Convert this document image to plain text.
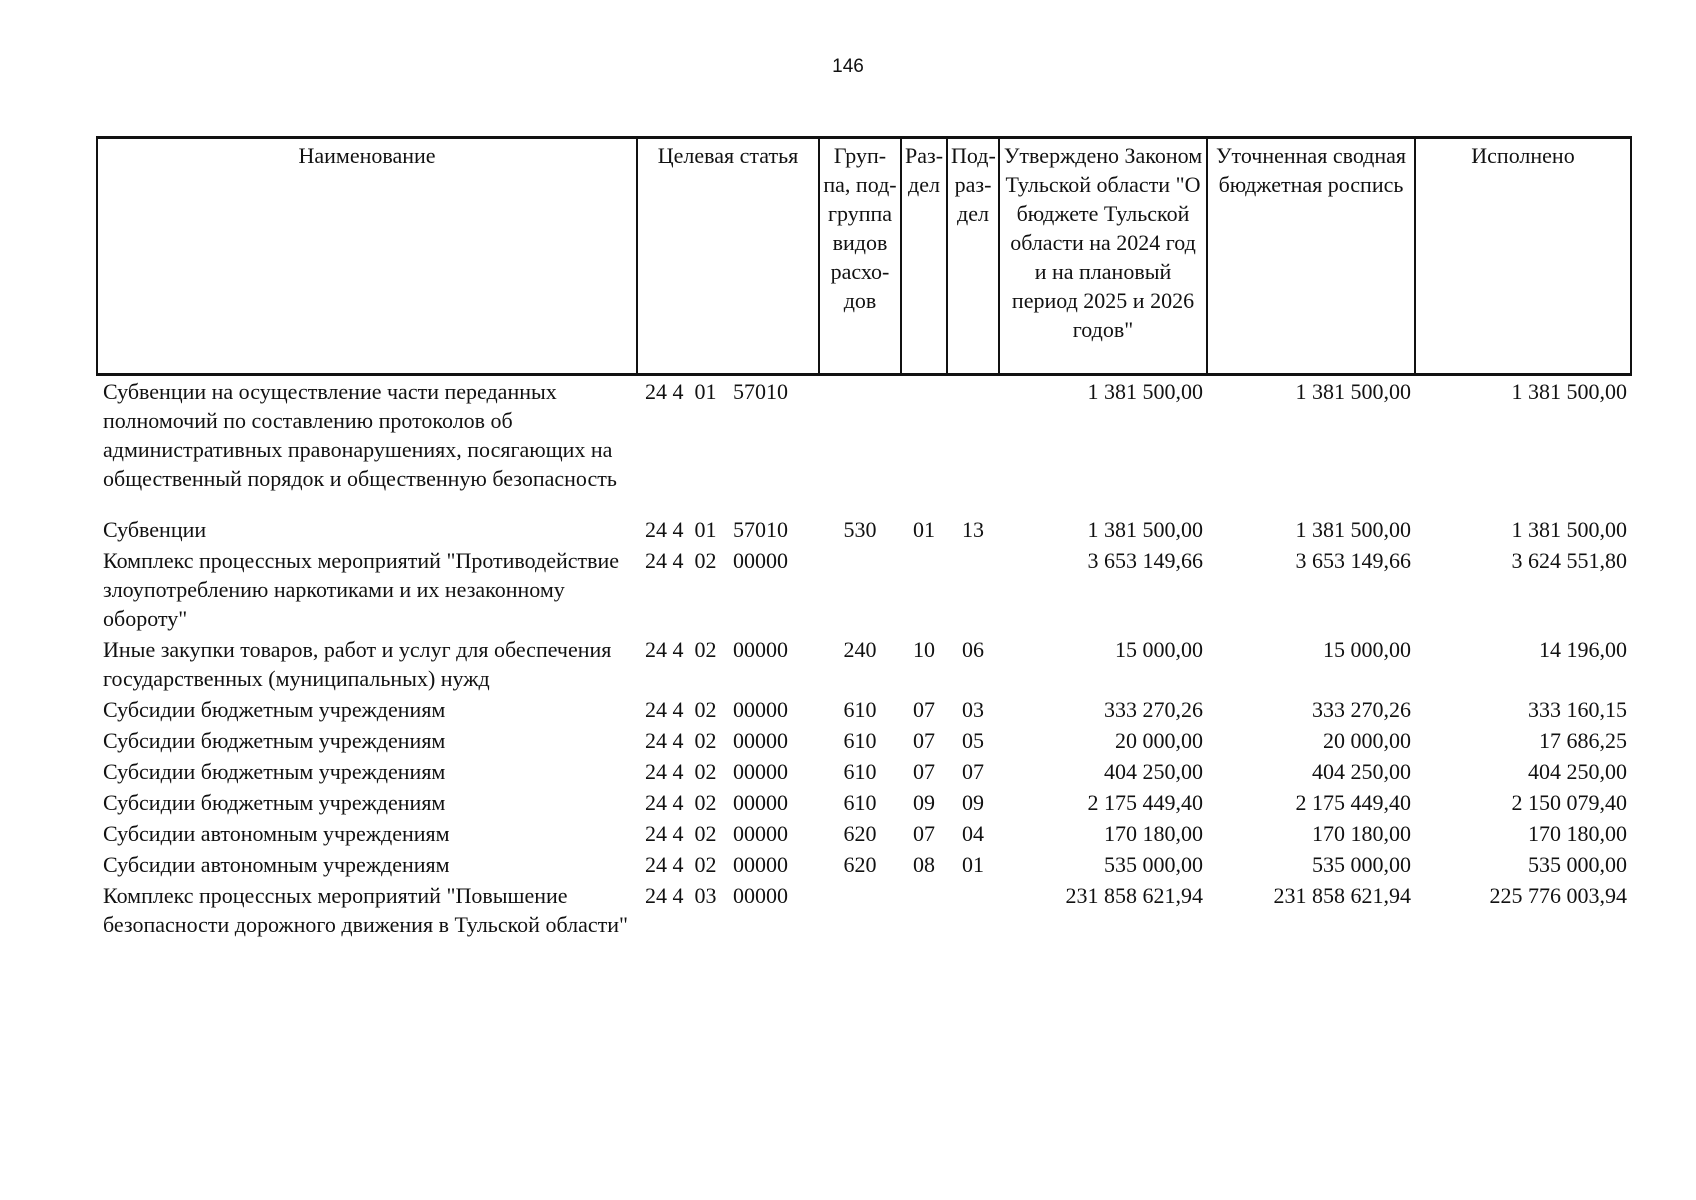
146
Наименование	Целевая статья	Груп-па, под-группа видов расхо-дов	Раз-дел	Под-раз-дел	Утверждено Законом Тульской области "О бюджете Тульской области на 2024 год и на плановый период 2025 и 2026 годов"	Уточненная сводная бюджетная роспись	Исполнено
Субвенции на осуществление части переданных полномочий по составлению протоколов об административных правонарушениях, посягающих на общественный порядок и общественную безопасность	24 4  01   57010				1 381 500,00	1 381 500,00	1 381 500,00

Субвенции	24 4  01   57010	530	01	13	1 381 500,00	1 381 500,00	1 381 500,00
Комплекс процессных мероприятий "Противодействие злоупотреблению наркотиками и их незаконному обороту"	24 4  02   00000				3 653 149,66	3 653 149,66	3 624 551,80
Иные закупки товаров, работ и услуг для обеспечения государственных (муниципальных) нужд	24 4  02   00000	240	10	06	15 000,00	15 000,00	14 196,00
Субсидии бюджетным учреждениям	24 4  02   00000	610	07	03	333 270,26	333 270,26	333 160,15
Субсидии бюджетным учреждениям	24 4  02   00000	610	07	05	20 000,00	20 000,00	17 686,25
Субсидии бюджетным учреждениям	24 4  02   00000	610	07	07	404 250,00	404 250,00	404 250,00
Субсидии бюджетным учреждениям	24 4  02   00000	610	09	09	2 175 449,40	2 175 449,40	2 150 079,40
Субсидии автономным учреждениям	24 4  02   00000	620	07	04	170 180,00	170 180,00	170 180,00
Субсидии автономным учреждениям	24 4  02   00000	620	08	01	535 000,00	535 000,00	535 000,00
Комплекс процессных мероприятий "Повышение безопасности дорожного движения в Тульской области"	24 4  03   00000				231 858 621,94	231 858 621,94	225 776 003,94
